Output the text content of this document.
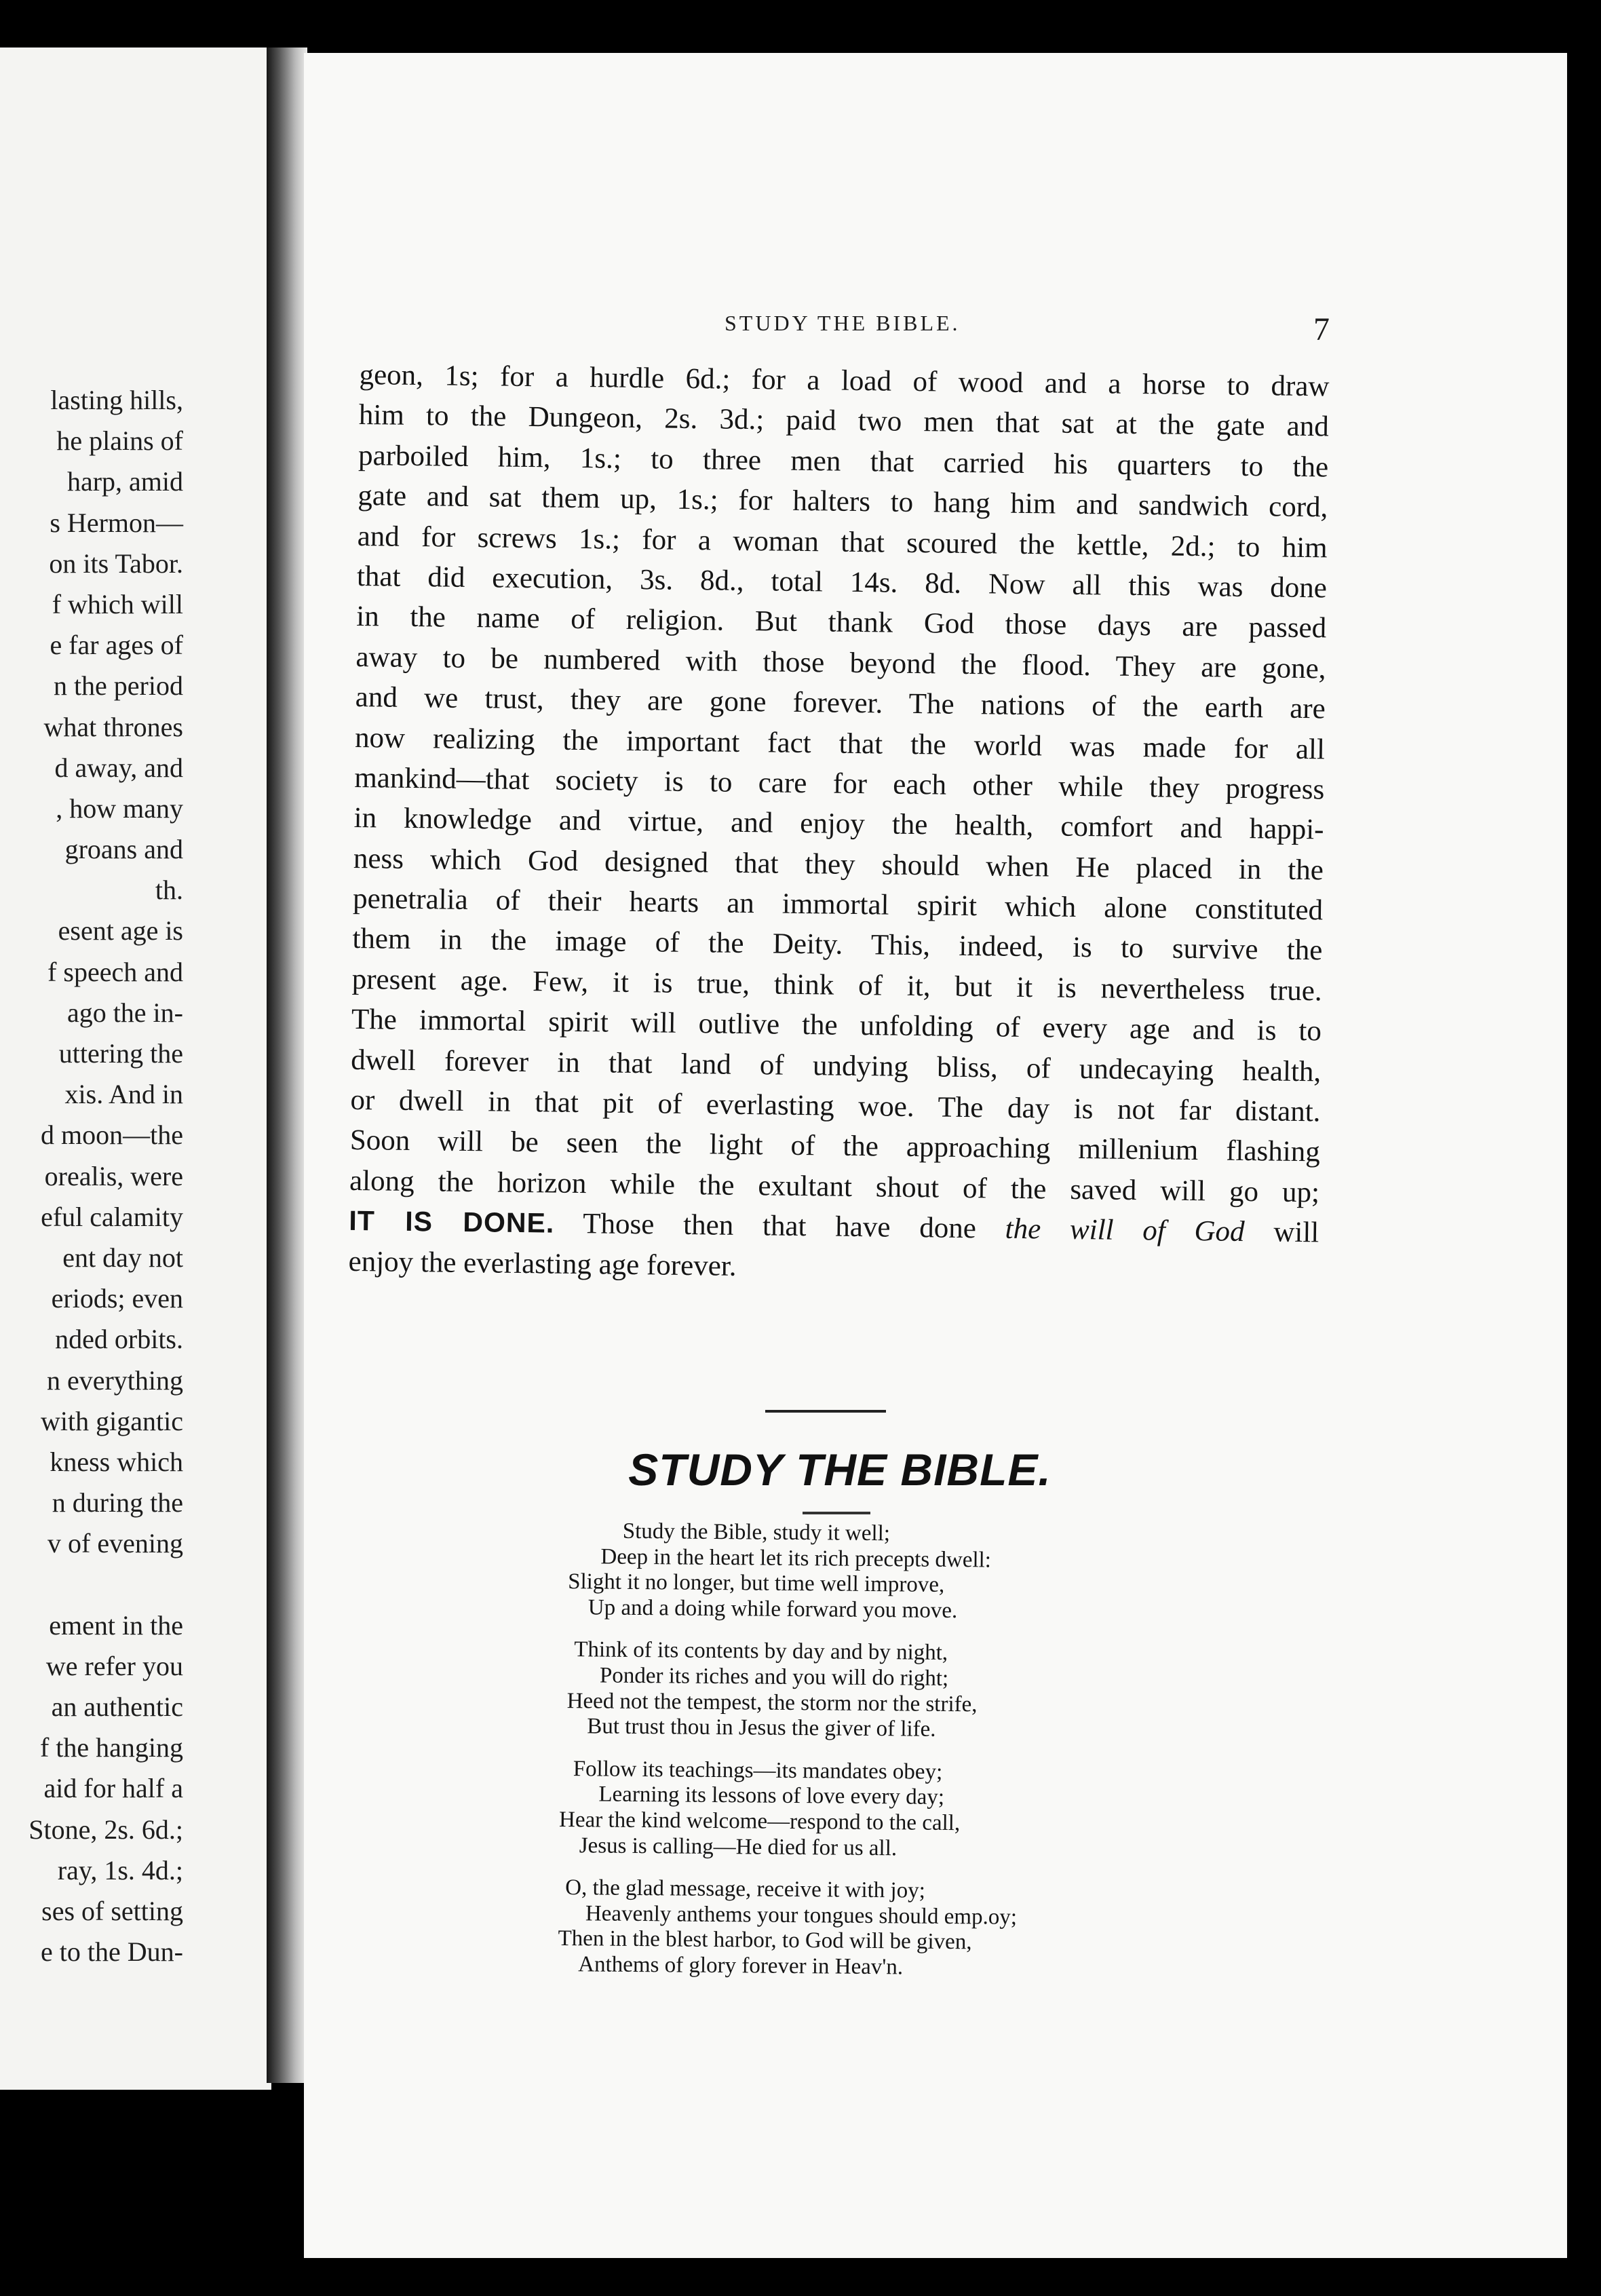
lasting hills,
he plains of
harp, amid
s Hermon—
on its Tabor.
f which will
e far ages of
n the period
what thrones
d away, and
, how many
groans and
th.
esent age is
f speech and
ago the in-
uttering the
xis. And in
d moon—the
orealis, were
eful calamity
ent day not
eriods; even
nded orbits.
n everything
with gigantic
kness which
n during the
v of evening
ement in the
we refer you
an authentic
f the hanging
aid for half a
Stone, 2s. 6d.;
ray, 1s. 4d.;
ses of setting
e to the Dun-
STUDY THE BIBLE.	7
geon, 1s; for a hurdle 6d.; for a load of wood and a horse to draw
him to the Dungeon, 2s. 3d.; paid two men that sat at the gate and
parboiled him, 1s.; to three men that carried his quarters to the
gate and sat them up, 1s.; for halters to hang him and sandwich cord,
and for screws 1s.; for a woman that scoured the kettle, 2d.; to him
that did execution, 3s. 8d., total 14s. 8d. Now all this was done
in the name of religion. But thank God those days are passed
away to be numbered with those beyond the flood. They are gone,
and we trust, they are gone forever. The nations of the earth are
now realizing the important fact that the world was made for all
mankind—that society is to care for each other while they progress
in knowledge and virtue, and enjoy the health, comfort and happi-
ness which God designed that they should when He placed in the
penetralia of their hearts an immortal spirit which alone constituted
them in the image of the Deity. This, indeed, is to survive the
present age. Few, it is true, think of it, but it is nevertheless true.
The immortal spirit will outlive the unfolding of every age and is to
dwell forever in that land of undying bliss, of undecaying health,
or dwell in that pit of everlasting woe. The day is not far distant.
Soon will be seen the light of the approaching millenium flashing
along the horizon while the exultant shout of the saved will go up;
IT IS DONE. Those then that have done the will of God will
enjoy the everlasting age forever.
STUDY THE BIBLE.
Study the Bible, study it well;
Deep in the heart let its rich precepts dwell:
Slight it no longer, but time well improve,
Up and a doing while forward you move.
Think of its contents by day and by night,
Ponder its riches and you will do right;
Heed not the tempest, the storm nor the strife,
But trust thou in Jesus the giver of life.
Follow its teachings—its mandates obey;
Learning its lessons of love every day;
Hear the kind welcome—respond to the call,
Jesus is calling—He died for us all.
O, the glad message, receive it with joy;
Heavenly anthems your tongues should emp.oy;
Then in the blest harbor, to God will be given,
Anthems of glory forever in Heav'n.
